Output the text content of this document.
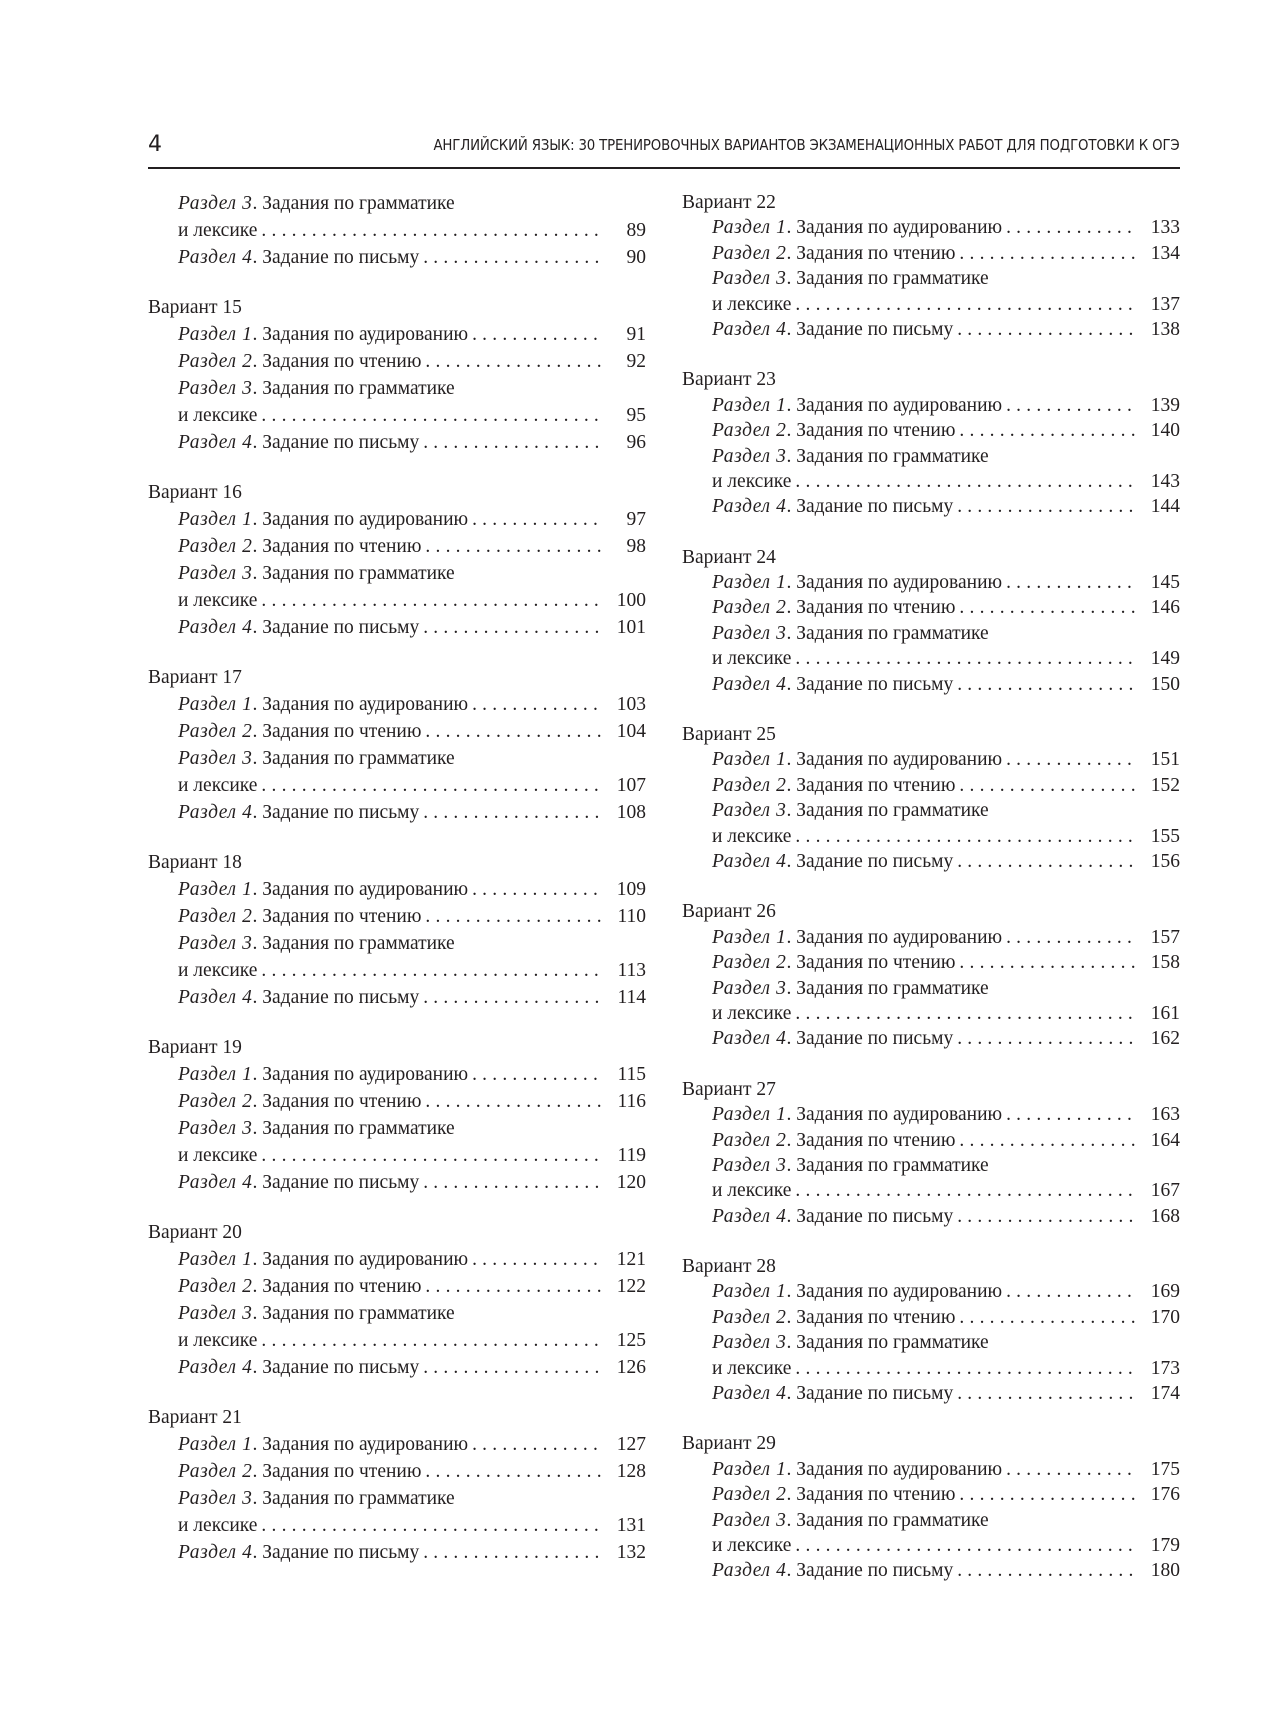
4	АНГЛИЙСКИЙ ЯЗЫК: 30 ТРЕНИРОВОЧНЫХ ВАРИАНТОВ ЭКЗАМЕНАЦИОННЫХ РАБОТ ДЛЯ ПОДГОТОВКИ К ОГЭ
Раздел 3. Задания по грамматике
и лексике .....	89
Раздел 4. Задание по письму .....	90
Вариант 15
Раздел 1. Задания по аудированию .....	91
Раздел 2. Задания по чтению .....	92
Раздел 3. Задания по грамматике
и лексике .....	95
Раздел 4. Задание по письму .....	96
Вариант 16
Раздел 1. Задания по аудированию .....	97
Раздел 2. Задания по чтению .....	98
Раздел 3. Задания по грамматике
и лексике .....	100
Раздел 4. Задание по письму .....	101
Вариант 17
Раздел 1. Задания по аудированию .....	103
Раздел 2. Задания по чтению .....	104
Раздел 3. Задания по грамматике
и лексике .....	107
Раздел 4. Задание по письму .....	108
Вариант 18
Раздел 1. Задания по аудированию .....	109
Раздел 2. Задания по чтению .....	110
Раздел 3. Задания по грамматике
и лексике .....	113
Раздел 4. Задание по письму .....	114
Вариант 19
Раздел 1. Задания по аудированию .....	115
Раздел 2. Задания по чтению .....	116
Раздел 3. Задания по грамматике
и лексике .....	119
Раздел 4. Задание по письму .....	120
Вариант 20
Раздел 1. Задания по аудированию .....	121
Раздел 2. Задания по чтению .....	122
Раздел 3. Задания по грамматике
и лексике .....	125
Раздел 4. Задание по письму .....	126
Вариант 21
Раздел 1. Задания по аудированию .....	127
Раздел 2. Задания по чтению .....	128
Раздел 3. Задания по грамматике
и лексике .....	131
Раздел 4. Задание по письму .....	132
Вариант 22
Раздел 1. Задания по аудированию .....	133
Раздел 2. Задания по чтению .....	134
Раздел 3. Задания по грамматике
и лексике .....	137
Раздел 4. Задание по письму .....	138
Вариант 23
Раздел 1. Задания по аудированию .....	139
Раздел 2. Задания по чтению .....	140
Раздел 3. Задания по грамматике
и лексике .....	143
Раздел 4. Задание по письму .....	144
Вариант 24
Раздел 1. Задания по аудированию .....	145
Раздел 2. Задания по чтению .....	146
Раздел 3. Задания по грамматике
и лексике .....	149
Раздел 4. Задание по письму .....	150
Вариант 25
Раздел 1. Задания по аудированию .....	151
Раздел 2. Задания по чтению .....	152
Раздел 3. Задания по грамматике
и лексике .....	155
Раздел 4. Задание по письму .....	156
Вариант 26
Раздел 1. Задания по аудированию .....	157
Раздел 2. Задания по чтению .....	158
Раздел 3. Задания по грамматике
и лексике .....	161
Раздел 4. Задание по письму .....	162
Вариант 27
Раздел 1. Задания по аудированию .....	163
Раздел 2. Задания по чтению .....	164
Раздел 3. Задания по грамматике
и лексике .....	167
Раздел 4. Задание по письму .....	168
Вариант 28
Раздел 1. Задания по аудированию .....	169
Раздел 2. Задания по чтению .....	170
Раздел 3. Задания по грамматике
и лексике .....	173
Раздел 4. Задание по письму .....	174
Вариант 29
Раздел 1. Задания по аудированию .....	175
Раздел 2. Задания по чтению .....	176
Раздел 3. Задания по грамматике
и лексике .....	179
Раздел 4. Задание по письму .....	180
